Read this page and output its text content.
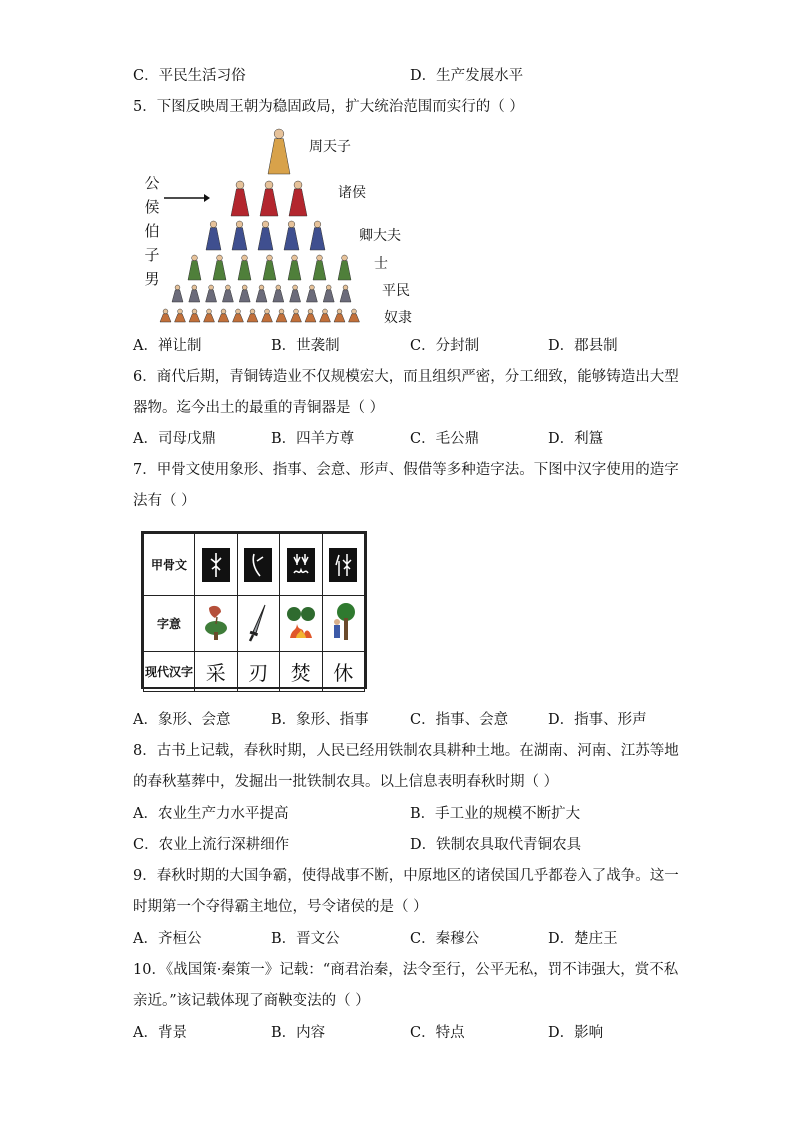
C．平民生活习俗	D．生产发展水平
5．下图反映周王朝为稳固政局，扩大统治范围而实行的（ ）
公
侯
伯
子
男
周天子
诸侯
卿大夫
士
平民
奴隶
A．禅让制	B．世袭制	C．分封制	D．郡县制
6．商代后期，青铜铸造业不仅规模宏大，而且组织严密，分工细致，能够铸造出大型
器物。迄今出土的最重的青铜器是（ ）
A．司母戊鼎	B．四羊方尊	C．毛公鼎	D．利簋
7．甲骨文使用象形、指事、会意、形声、假借等多种造字法。下图中汉字使用的造字
法有（ ）
甲骨文	

字意				
现代汉字	采	刃	焚	休
A．象形、会意	B．象形、指事	C．指事、会意	D．指事、形声
8．古书上记载，春秋时期，人民已经用铁制农具耕种土地。在湖南、河南、江苏等地
的春秋墓葬中，发掘出一批铁制农具。以上信息表明春秋时期（ ）
A．农业生产力水平提高	B．手工业的规模不断扩大
C．农业上流行深耕细作	D．铁制农具取代青铜农具
9．春秋时期的大国争霸，使得战事不断，中原地区的诸侯国几乎都卷入了战争。这一
时期第一个夺得霸主地位，号令诸侯的是（ ）
A．齐桓公	B．晋文公	C．秦穆公	D．楚庄王
10．《战国策·秦策一》记载：“商君治秦，法令至行，公平无私，罚不讳强大，赏不私
亲近。”该记载体现了商鞅变法的（ ）
A．背景	B．内容	C．特点	D．影响
